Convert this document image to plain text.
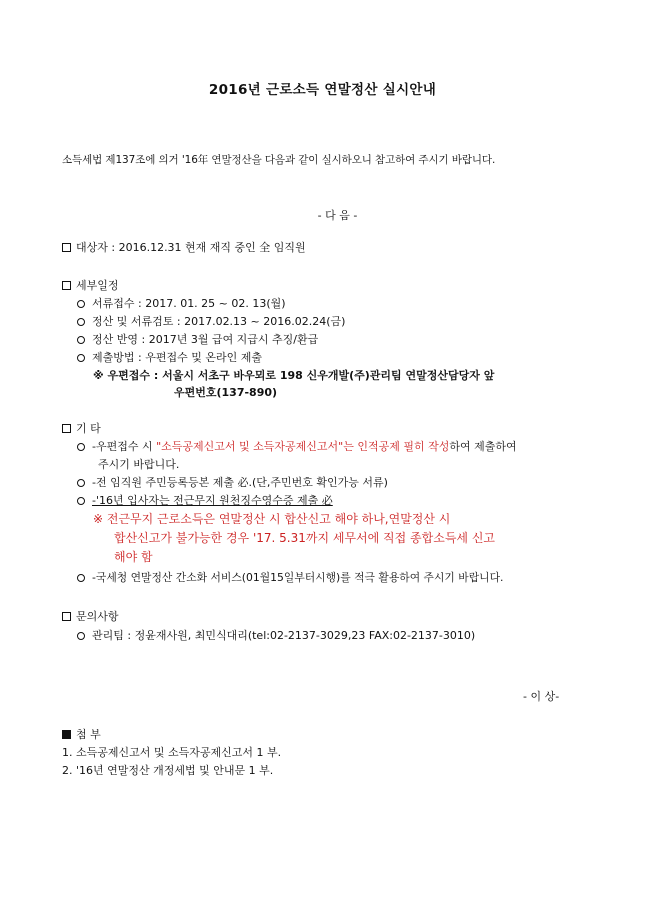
2016년 근로소득 연말정산 실시안내
소득세법 제137조에 의거 '16年 연말정산을 다음과 같이 실시하오니 참고하여 주시기 바랍니다.
- 다 음 -
대상자 : 2016.12.31 현재 재직 중인 全 임직원
세부일정
서류접수 : 2017. 01. 25 ~ 02. 13(월)
정산 및 서류검토 : 2017.02.13 ~ 2016.02.24(금)
정산 반영 : 2017년 3월 급여 지급시 추징/환급
제출방법 : 우편접수 및 온라인 제출
※ 우편접수 : 서울시 서초구 바우뫼로 198 신우개발(주)관리팀 연말정산담당자 앞
우편번호(137-890)
기 타
-우편접수 시 "소득공제신고서 및 소득자공제신고서"는 인적공제 필히 작성하여 제출하여
주시기 바랍니다.
-전 임직원 주민등록등본 제출 必.(단,주민번호 확인가능 서류)
-'16년 입사자는 전근무지 원천징수영수증 제출 必
※ 전근무지 근로소득은 연말정산 시 합산신고 해야 하나,연말정산 시
합산신고가 불가능한 경우 '17. 5.31까지 세무서에 직접 종합소득세 신고
해야 함
-국세청 연말정산 간소화 서비스(01월15일부터시행)를 적극 활용하여 주시기 바랍니다.
문의사항
관리팀 : 정윤재사원, 최민식대리(tel:02-2137-3029,23 FAX:02-2137-3010)
- 이 상-
첨 부
1. 소득공제신고서 및 소득자공제신고서 1 부.
2. '16년 연말정산 개정세법 및 안내문 1 부.
